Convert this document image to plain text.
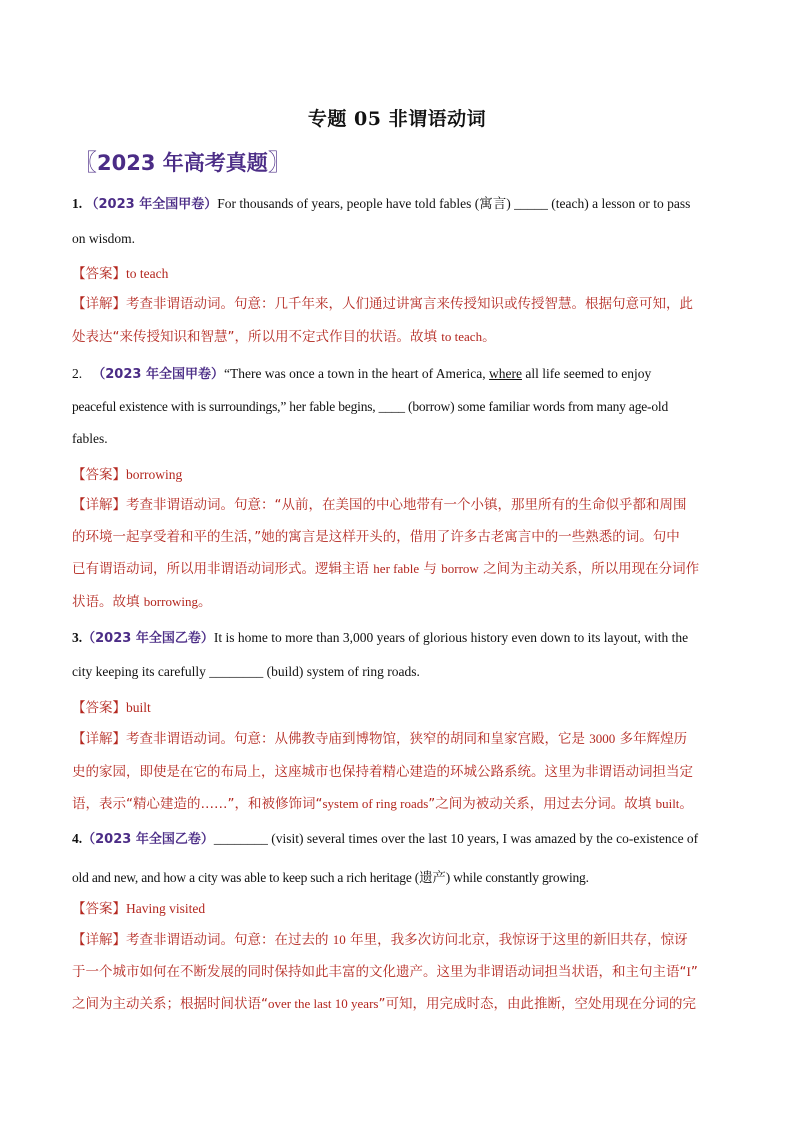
专题 05 非谓语动词
〖2023 年高考真题〗
1. （2023 年全国甲卷）For thousands of years, people have told fables (寓言) _____ (teach) a lesson or to pass
on wisdom.
【答案】to teach
【详解】考查非谓语动词。句意：几千年来，人们通过讲寓言来传授知识或传授智慧。根据句意可知，此
处表达“来传授知识和智慧”，所以用不定式作目的状语。故填 to teach。
2. （2023 年全国甲卷）“There was once a town in the heart of America, where all life seemed to enjoy
peaceful existence with is surroundings,” her fable begins, ____ (borrow) some familiar words from many age-old
fables.
【答案】borrowing
【详解】考查非谓语动词。句意：“从前，在美国的中心地带有一个小镇，那里所有的生命似乎都和周围
的环境一起享受着和平的生活，”她的寓言是这样开头的，借用了许多古老寓言中的一些熟悉的词。句中
已有谓语动词，所以用非谓语动词形式。逻辑主语 her fable 与 borrow 之间为主动关系，所以用现在分词作
状语。故填 borrowing。
3.（2023 年全国乙卷）It is home to more than 3,000 years of glorious history even down to its layout, with the
city keeping its carefully ________ (build) system of ring roads.
【答案】built
【详解】考查非谓语动词。句意：从佛教寺庙到博物馆，狭窄的胡同和皇家宫殿，它是 3000 多年辉煌历
史的家园，即使是在它的布局上，这座城市也保持着精心建造的环城公路系统。这里为非谓语动词担当定
语，表示“精心建造的……”，和被修饰词“system of ring roads”之间为被动关系，用过去分词。故填 built。
4.（2023 年全国乙卷）________ (visit) several times over the last 10 years, I was amazed by the co-existence of
old and new, and how a city was able to keep such a rich heritage (遗产) while constantly growing.
【答案】Having visited
【详解】考查非谓语动词。句意：在过去的 10 年里，我多次访问北京，我惊讶于这里的新旧共存，惊讶
于一个城市如何在不断发展的同时保持如此丰富的文化遗产。这里为非谓语动词担当状语，和主句主语“I”
之间为主动关系；根据时间状语“over the last 10 years”可知，用完成时态，由此推断，空处用现在分词的完
